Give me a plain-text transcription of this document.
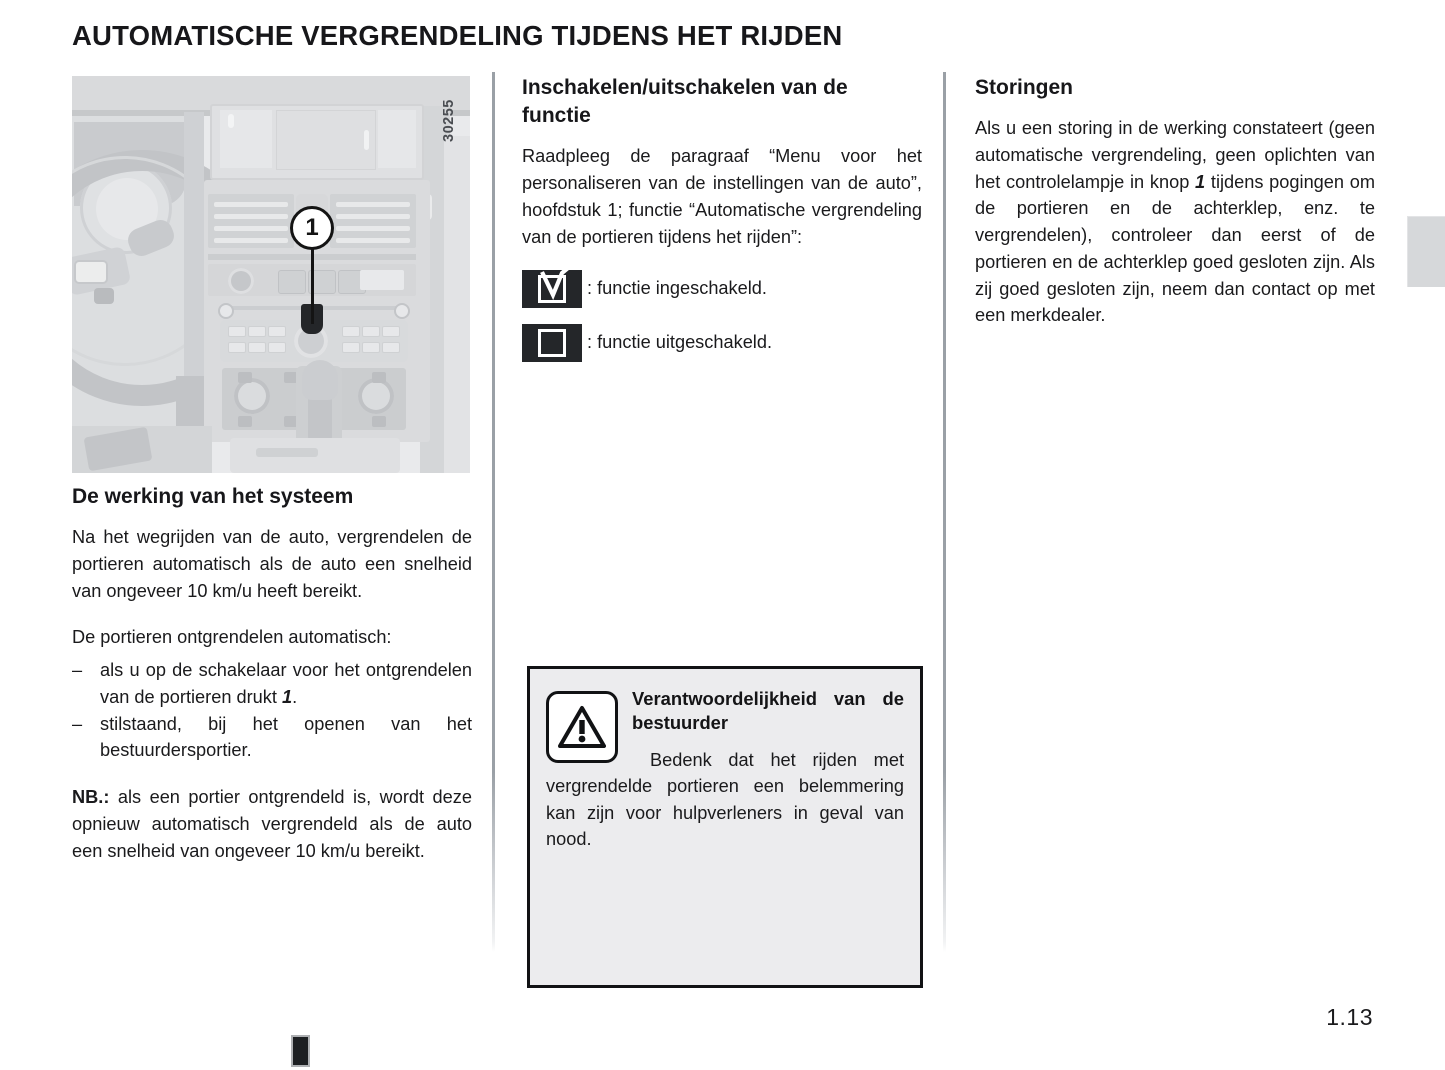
AUTOMATISCHE VERGRENDELING TIJDENS HET RIJDEN
1
30255
De werking van het systeem

Na het wegrijden van de auto, vergrendelen de portieren automatisch als de auto een snelheid van ongeveer 10 km/u heeft bereikt.

De portieren ontgrendelen automatisch:

– als u op de schakelaar voor het ontgrendelen van de portieren drukt 1.
– stilstaand, bij het openen van het bestuurdersportier.

NB.: als een portier ontgrendeld is, wordt deze opnieuw automatisch vergrendeld als de auto een snelheid van ongeveer 10 km/u bereikt.

Inschakelen/uitschakelen van de functie

Raadpleeg de paragraaf “Menu voor het personaliseren van de instellingen van de auto”, hoofdstuk 1; functie “Automatische vergrendeling van de portieren tijdens het rijden”:

: functie ingeschakeld.
: functie uitgeschakeld.

Verantwoordelijkheid van de bestuurder

Bedenk dat het rijden met vergrendelde portieren een belemmering kan zijn voor hulpverleners in geval van nood.

Storingen

Als u een storing in de werking constateert (geen automatische vergrendeling, geen oplichten van het controlelampje in knop 1 tijdens pogingen om de portieren en de achterklep, enz. te vergrendelen), controleer dan eerst of de portieren en de achterklep goed gesloten zijn. Als zij goed gesloten zijn, neem dan contact op met een merkdealer.

1.13
